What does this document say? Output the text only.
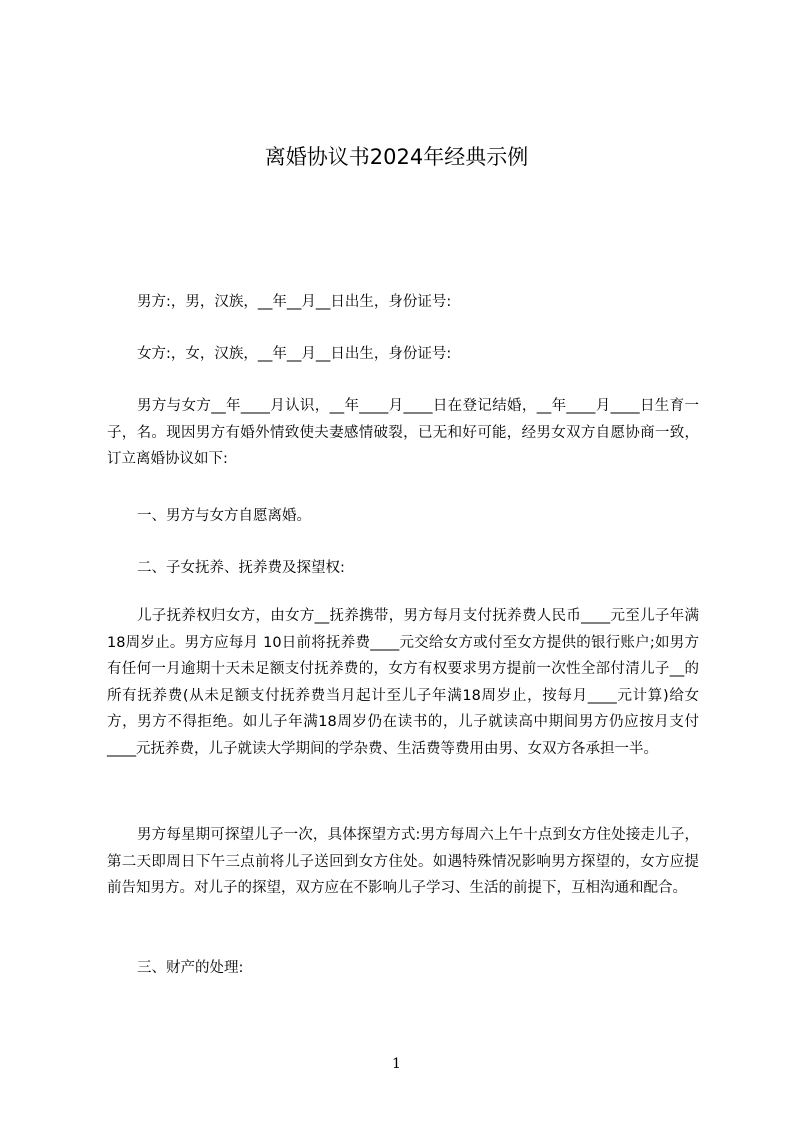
离婚协议书2024年经典示例

男方:，男，汉族，__年__月__日出生，身份证号:

女方:，女，汉族，__年__月__日出生，身份证号:

男方与女方__年____月认识，__年____月____日在登记结婚，__年____月____日生育一子，名。现因男方有婚外情致使夫妻感情破裂，已无和好可能，经男女双方自愿协商一致，订立离婚协议如下:

一、男方与女方自愿离婚。

二、子女抚养、抚养费及探望权:

儿子抚养权归女方，由女方__抚养携带，男方每月支付抚养费人民币____元至儿子年满18周岁止。男方应每月 10日前将抚养费____元交给女方或付至女方提供的银行账户;如男方有任何一月逾期十天未足额支付抚养费的，女方有权要求男方提前一次性全部付清儿子__的所有抚养费(从未足额支付抚养费当月起计至儿子年满18周岁止，按每月____元计算)给女方，男方不得拒绝。如儿子年满18周岁仍在读书的，儿子就读高中期间男方仍应按月支付____元抚养费，儿子就读大学期间的学杂费、生活费等费用由男、女双方各承担一半。

男方每星期可探望儿子一次，具体探望方式:男方每周六上午十点到女方住处接走儿子，第二天即周日下午三点前将儿子送回到女方住处。如遇特殊情况影响男方探望的，女方应提前告知男方。对儿子的探望，双方应在不影响儿子学习、生活的前提下，互相沟通和配合。

三、财产的处理:

1
